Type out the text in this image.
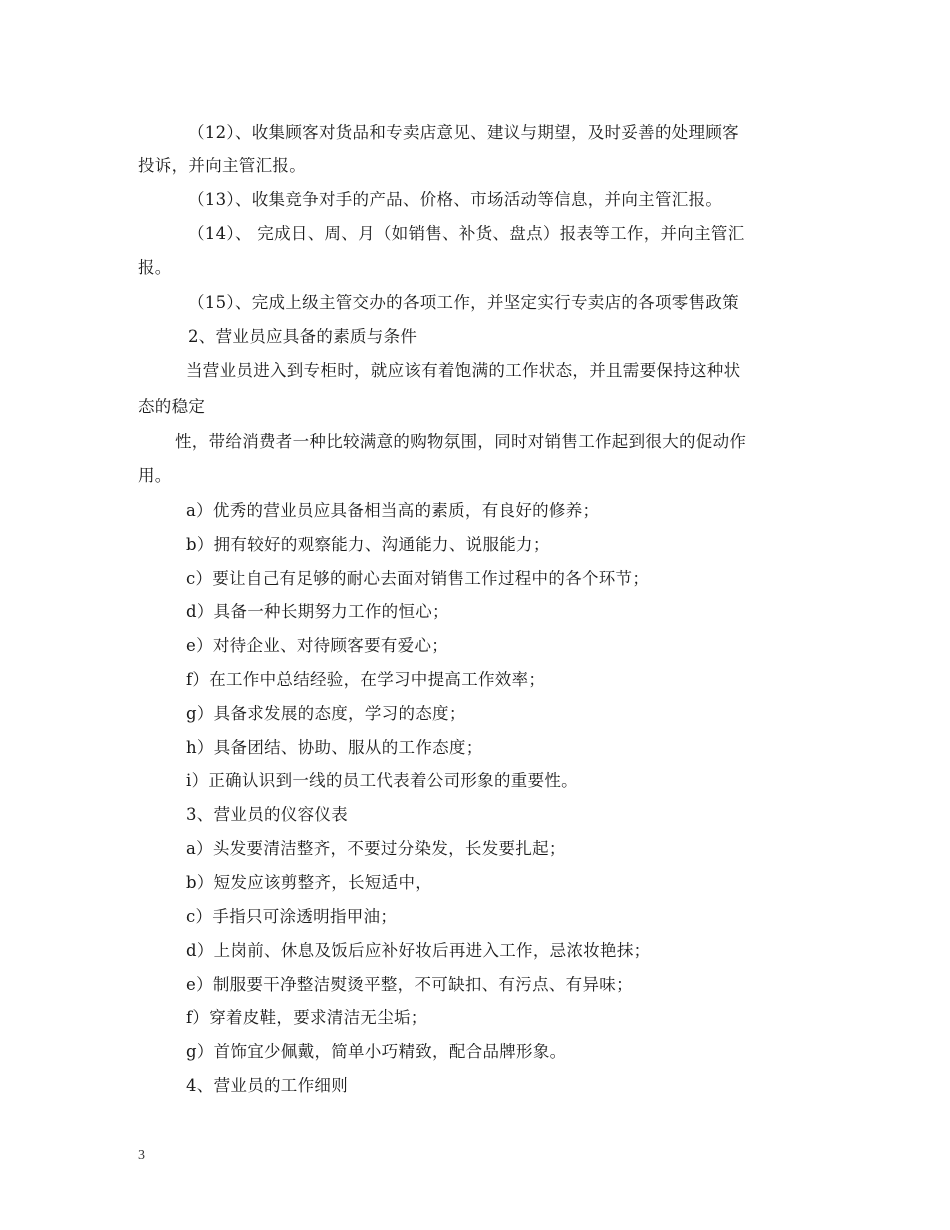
（12）、收集顾客对货品和专卖店意见、建议与期望，及时妥善的处理顾客
投诉，并向主管汇报。
（13）、收集竞争对手的产品、价格、市场活动等信息，并向主管汇报。
（14）、 完成日、周、月（如销售、补货、盘点）报表等工作，并向主管汇
报。
（15）、完成上级主管交办的各项工作，并坚定实行专卖店的各项零售政策
2、营业员应具备的素质与条件
当营业员进入到专柜时，就应该有着饱满的工作状态，并且需要保持这种状
态的稳定
性，带给消费者一种比较满意的购物氛围，同时对销售工作起到很大的促动作
用。
a）优秀的营业员应具备相当高的素质，有良好的修养；
b）拥有较好的观察能力、沟通能力、说服能力；
c）要让自己有足够的耐心去面对销售工作过程中的各个环节；
d）具备一种长期努力工作的恒心；
e）对待企业、对待顾客要有爱心；
f）在工作中总结经验，在学习中提高工作效率；
g）具备求发展的态度，学习的态度；
h）具备团结、协助、服从的工作态度；
i）正确认识到一线的员工代表着公司形象的重要性。
3、营业员的仪容仪表
a）头发要清洁整齐，不要过分染发，长发要扎起；
b）短发应该剪整齐，长短适中，
c）手指只可涂透明指甲油；
d）上岗前、休息及饭后应补好妆后再进入工作，忌浓妆艳抹；
e）制服要干净整洁熨烫平整，不可缺扣、有污点、有异味；
f）穿着皮鞋，要求清洁无尘垢；
g）首饰宜少佩戴，简单小巧精致，配合品牌形象。
4、营业员的工作细则
3
